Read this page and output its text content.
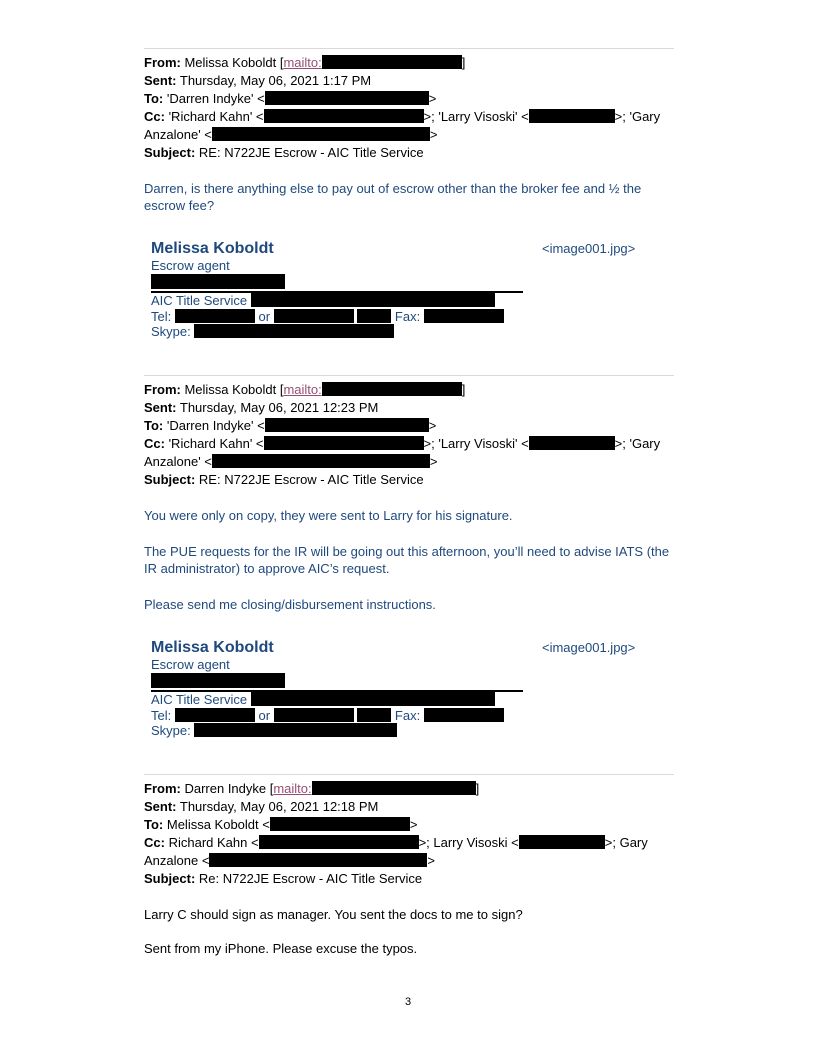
From: Melissa Koboldt [mailto:	]
Sent: Thursday, May 06, 2021 1:17 PM
To: 'Darren Indyke' <	>
Cc: 'Richard Kahn' <	>; 'Larry Visoski' <	>; 'Gary
Anzalone' <	>
Subject: RE: N722JE Escrow - AIC Title Service
Darren, is there anything else to pay out of escrow other than the broker fee and ½ the escrow fee?
Melissa Koboldt
Escrow agent
AIC Title Service
Tel:	or	Fax:
Skype:
<image001.jpg>
From: Melissa Koboldt [mailto:	]
Sent: Thursday, May 06, 2021 12:23 PM
To: 'Darren Indyke' <	>
Cc: 'Richard Kahn' <	>; 'Larry Visoski' <	>; 'Gary
Anzalone' <	>
Subject: RE: N722JE Escrow - AIC Title Service
You were only on copy, they were sent to Larry for his signature.
The PUE requests for the IR will be going out this afternoon, you’ll need to advise IATS (the IR administrator) to approve AIC’s request.
Please send me closing/disbursement instructions.
Melissa Koboldt
Escrow agent
AIC Title Service
Tel:	or	Fax:
Skype:
<image001.jpg>
From: Darren Indyke [mailto:	]
Sent: Thursday, May 06, 2021 12:18 PM
To: Melissa Koboldt <	>
Cc: Richard Kahn <	>; Larry Visoski <	>; Gary
Anzalone <	>
Subject: Re: N722JE Escrow - AIC Title Service
Larry C should sign as manager. You sent the docs to me to sign?
Sent from my iPhone. Please excuse the typos.
3
